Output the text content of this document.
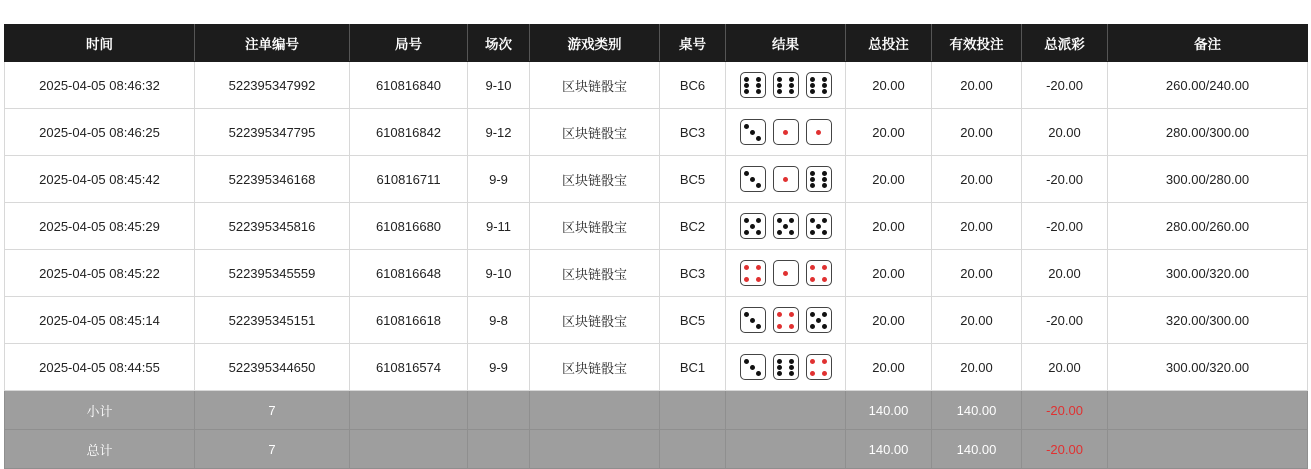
时间	注单编号	局号	场次	游戏类别	桌号	结果	总投注	有效投注	总派彩	备注
2025-04-05 08:46:32	522395347992	610816840	9-10	区块链骰宝	BC6		20.00	20.00	-20.00	260.00/240.00
2025-04-05 08:46:25	522395347795	610816842	9-12	区块链骰宝	BC3		20.00	20.00	20.00	280.00/300.00
2025-04-05 08:45:42	522395346168	610816711	9-9	区块链骰宝	BC5		20.00	20.00	-20.00	300.00/280.00
2025-04-05 08:45:29	522395345816	610816680	9-11	区块链骰宝	BC2		20.00	20.00	-20.00	280.00/260.00
2025-04-05 08:45:22	522395345559	610816648	9-10	区块链骰宝	BC3		20.00	20.00	20.00	300.00/320.00
2025-04-05 08:45:14	522395345151	610816618	9-8	区块链骰宝	BC5		20.00	20.00	-20.00	320.00/300.00
2025-04-05 08:44:55	522395344650	610816574	9-9	区块链骰宝	BC1		20.00	20.00	20.00	300.00/320.00
小计	7						140.00	140.00	-20.00	
总计	7						140.00	140.00	-20.00	
